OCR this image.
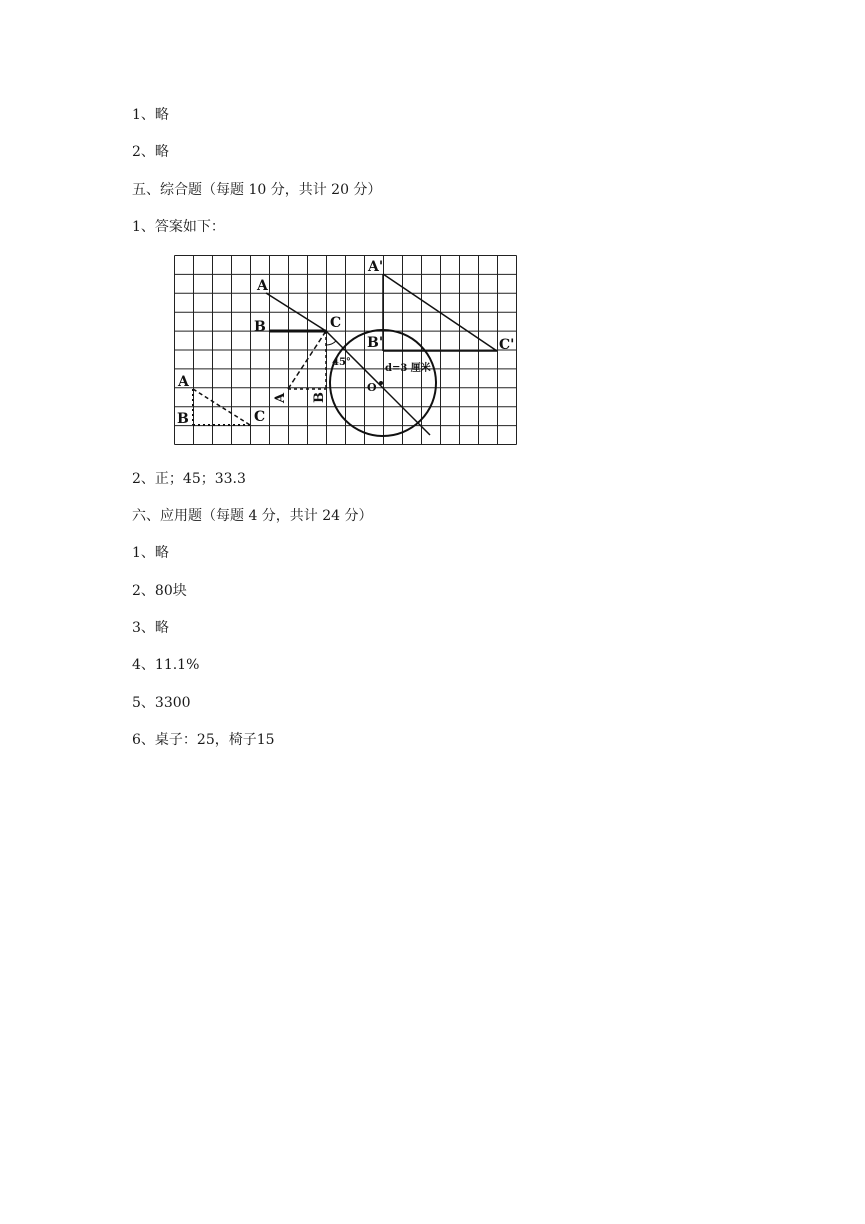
1、略
2、略
五、综合题（每题 10 分，共计 20 分）
1、答案如下：
A
B	C
A'
B'	C'
A
B	C
A B
45°
O
d=3 厘米
2、正；45；33.3
六、应用题（每题 4 分，共计 24 分）
1、略
2、80块
3、略
4、11.1%
5、3300
6、桌子：25，椅子15
